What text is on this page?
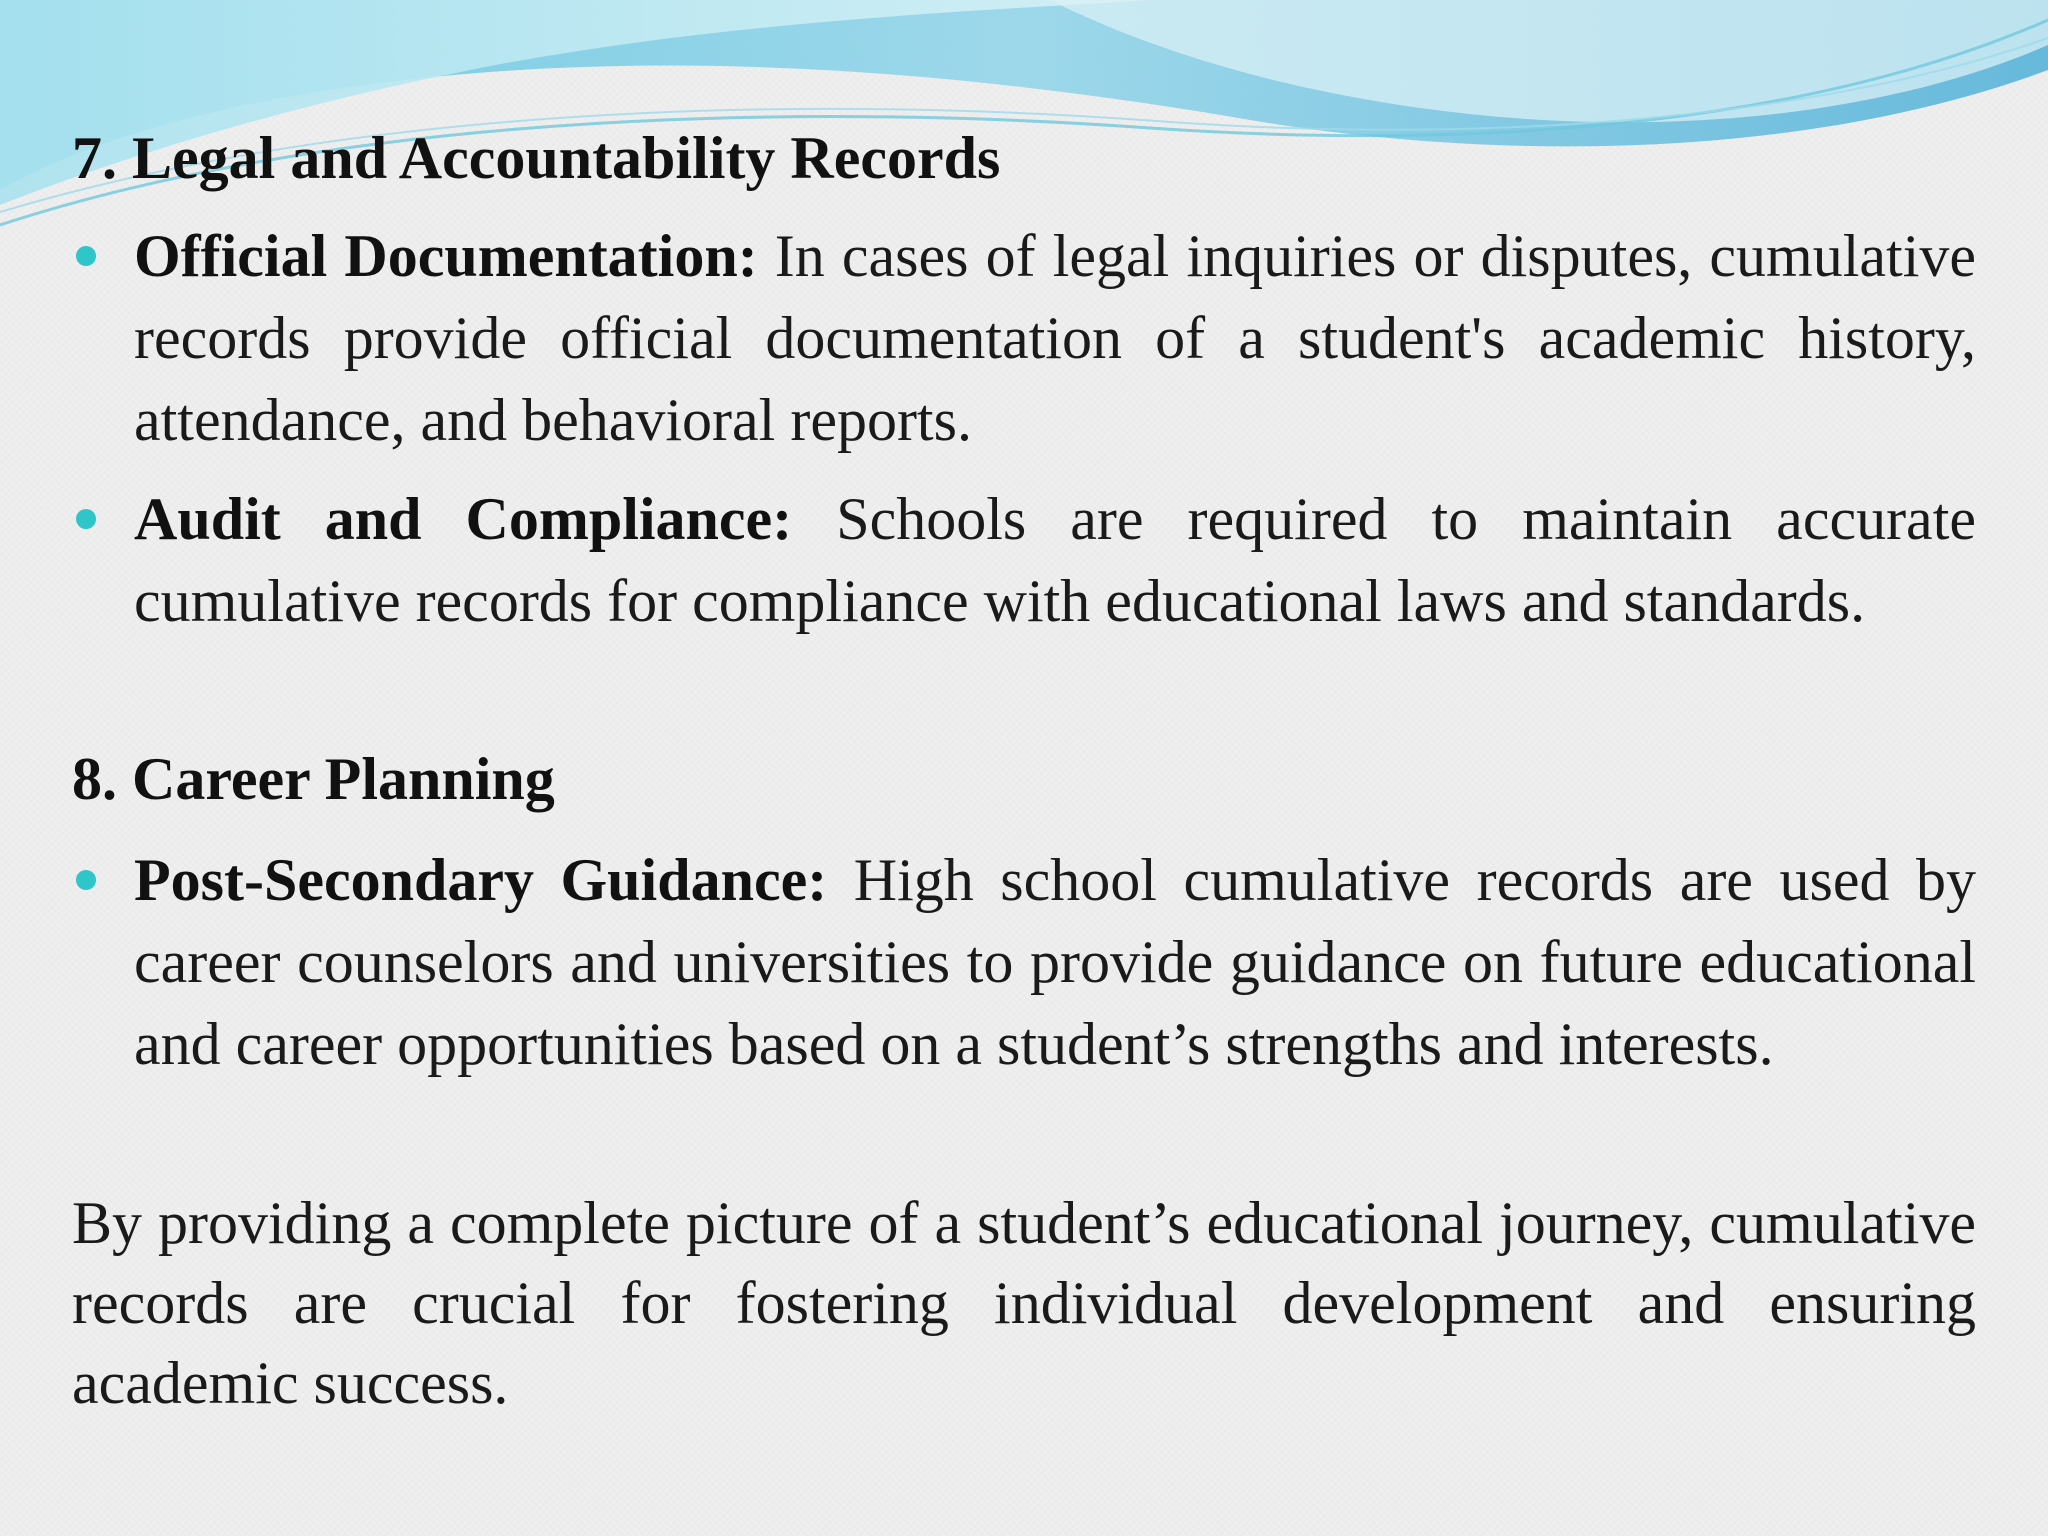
7. Legal and Accountability Records

Official Documentation: In cases of legal inquiries or disputes, cumulative records provide official documentation of a student's academic history, attendance, and behavioral reports.

Audit and Compliance: Schools are required to maintain accurate cumulative records for compliance with educational laws and standards.

8. Career Planning

Post-Secondary Guidance: High school cumulative records are used by career counselors and universities to provide guidance on future educational and career opportunities based on a student’s strengths and interests.

By providing a complete picture of a student’s educational journey, cumulative records are crucial for fostering individual development and ensuring academic success.
